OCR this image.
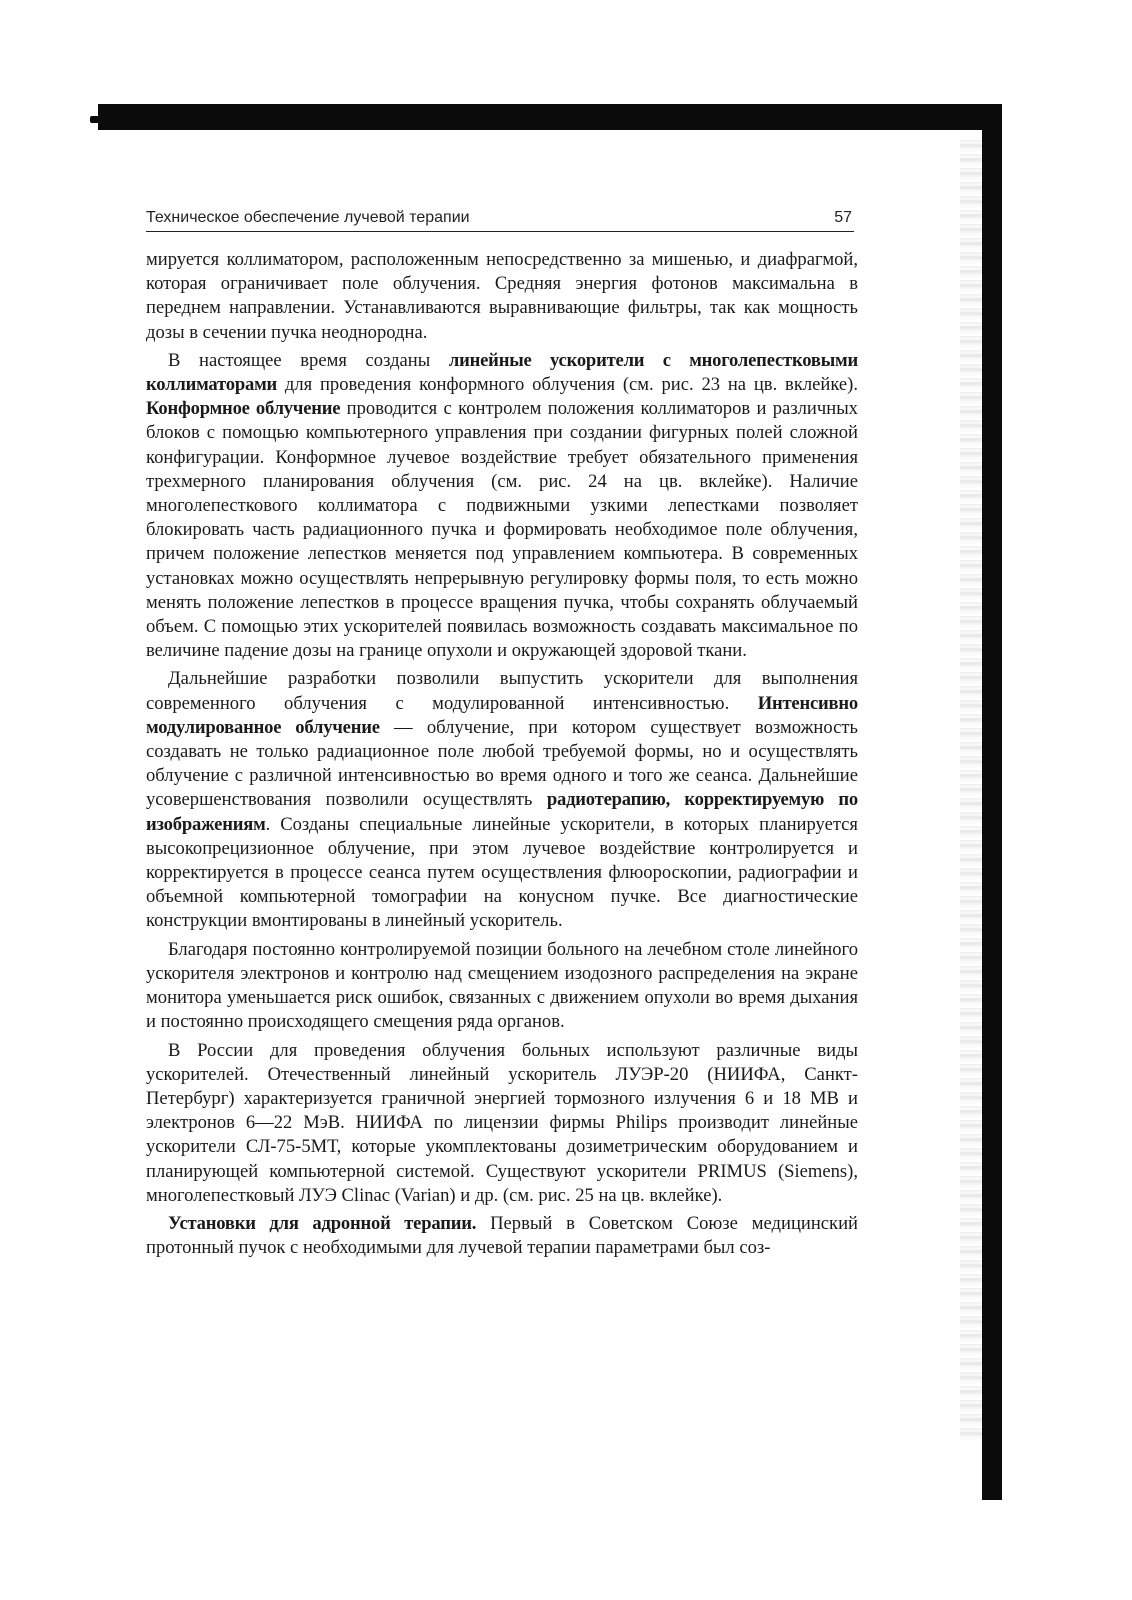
Техническое обеспечение лучевой терапии	57

мируется коллиматором, расположенным непосредственно за мишенью, и диафрагмой, которая ограничивает поле облучения. Средняя энергия фотонов максимальна в переднем направлении. Устанавливаются выравнивающие фильтры, так как мощность дозы в сечении пучка неоднородна.

В настоящее время созданы линейные ускорители с многолепестковыми коллиматорами для проведения конформного облучения (см. рис. 23 на цв. вклейке). Конформное облучение проводится с контролем положения коллиматоров и различных блоков с помощью компьютерного управления при создании фигурных полей сложной конфигурации. Конформное лучевое воздействие требует обязательного применения трехмерного планирования облучения (см. рис. 24 на цв. вклейке). Наличие многолепесткового коллиматора с подвижными узкими лепестками позволяет блокировать часть радиационного пучка и формировать необходимое поле облучения, причем положение лепестков меняется под управлением компьютера. В современных установках можно осуществлять непрерывную регулировку формы поля, то есть можно менять положение лепестков в процессе вращения пучка, чтобы сохранять облучаемый объем. С помощью этих ускорителей появилась возможность создавать максимальное по величине падение дозы на границе опухоли и окружающей здоровой ткани.

Дальнейшие разработки позволили выпустить ускорители для выполнения современного облучения с модулированной интенсивностью. Интенсивно модулированное облучение — облучение, при котором существует возможность создавать не только радиационное поле любой требуемой формы, но и осуществлять облучение с различной интенсивностью во время одного и того же сеанса. Дальнейшие усовершенствования позволили осуществлять радиотерапию, корректируемую по изображениям. Созданы специальные линейные ускорители, в которых планируется высокопрецизионное облучение, при этом лучевое воздействие контролируется и корректируется в процессе сеанса путем осуществления флюороскопии, радиографии и объемной компьютерной томографии на конусном пучке. Все диагностические конструкции вмонтированы в линейный ускоритель.

Благодаря постоянно контролируемой позиции больного на лечебном столе линейного ускорителя электронов и контролю над смещением изодозного распределения на экране монитора уменьшается риск ошибок, связанных с движением опухоли во время дыхания и постоянно происходящего смещения ряда органов.

В России для проведения облучения больных используют различные виды ускорителей. Отечественный линейный ускоритель ЛУЭР-20 (НИИФА, Санкт-Петербург) характеризуется граничной энергией тормозного излучения 6 и 18 MB и электронов 6—22 МэВ. НИИФА по лицензии фирмы Philips производит линейные ускорители СЛ-75-5МТ, которые укомплектованы дозиметрическим оборудованием и планирующей компьютерной системой. Существуют ускорители PRIMUS (Siemens), многолепестковый ЛУЭ Clinac (Varian) и др. (см. рис. 25 на цв. вклейке).

Установки для адронной терапии. Первый в Советском Союзе медицинский протонный пучок с необходимыми для лучевой терапии параметрами был соз-
